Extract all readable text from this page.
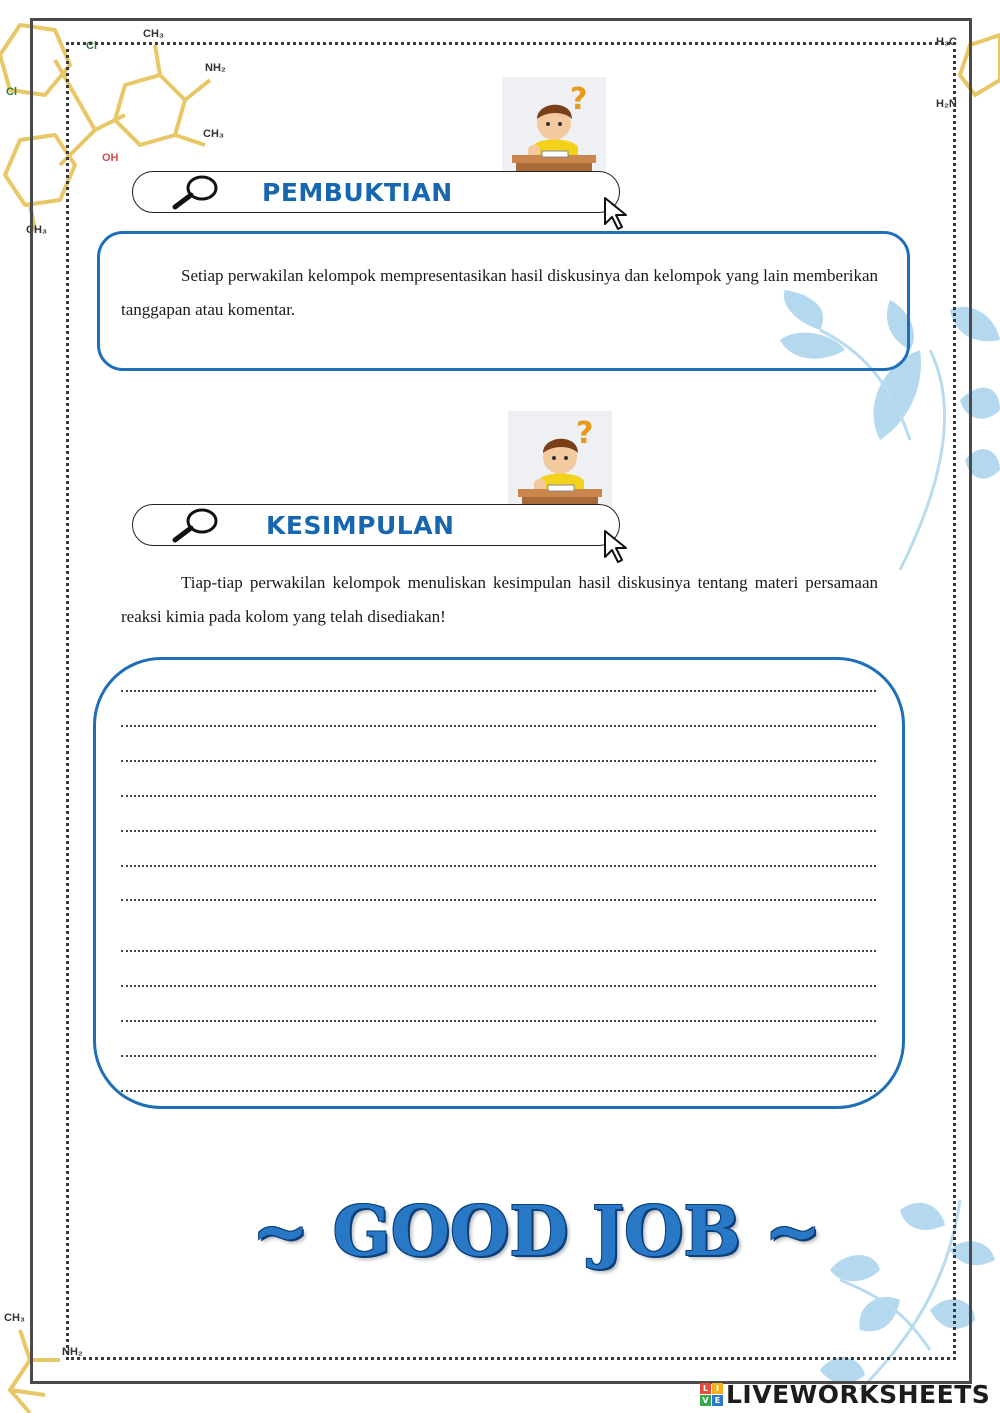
CH₃
NH₂
CH₃
OH
Cl
Cl
CH₃
H₃C
H₂N
CH₃
NH₂
?
PEMBUKTIAN
Setiap perwakilan kelompok mempresentasikan hasil diskusinya dan kelompok yang lain memberikan tanggapan atau komentar.
?
KESIMPULAN
Tiap-tiap perwakilan kelompok menuliskan kesimpulan hasil diskusinya tentang materi persamaan reaksi kimia pada kolom yang telah disediakan!
~ GOOD JOB ~
L I
V E LIVEWORKSHEETS
